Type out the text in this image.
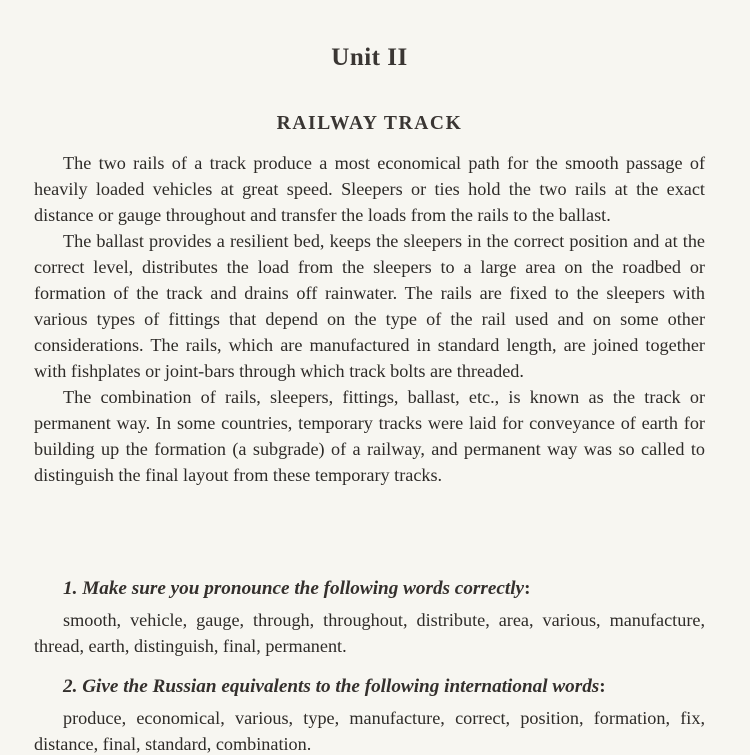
Unit II
RAILWAY TRACK

The two rails of a track produce a most economical path for the smooth passage of heavily loaded vehicles at great speed. Sleepers or ties hold the two rails at the exact distance or gauge throughout and transfer the loads from the rails to the ballast.

The ballast provides a resilient bed, keeps the sleepers in the correct position and at the correct level, distributes the load from the sleepers to a large area on the roadbed or formation of the track and drains off rainwater. The rails are fixed to the sleepers with various types of fittings that depend on the type of the rail used and on some other considerations. The rails, which are manufactured in standard length, are joined together with fishplates or joint-bars through which track bolts are threaded.

The combination of rails, sleepers, fittings, ballast, etc., is known as the track or permanent way. In some countries, temporary tracks were laid for conveyance of earth for building up the formation (a subgrade) of a railway, and permanent way was so called to distinguish the final layout from these temporary tracks.

1. Make sure you pronounce the following words correctly:

smooth, vehicle, gauge, through, throughout, distribute, area, various, manufacture, thread, earth, distinguish, final, permanent.

2. Give the Russian equivalents to the following international words:

produce, economical, various, type, manufacture, correct, position, formation, fix, distance, final, standard, combination.
